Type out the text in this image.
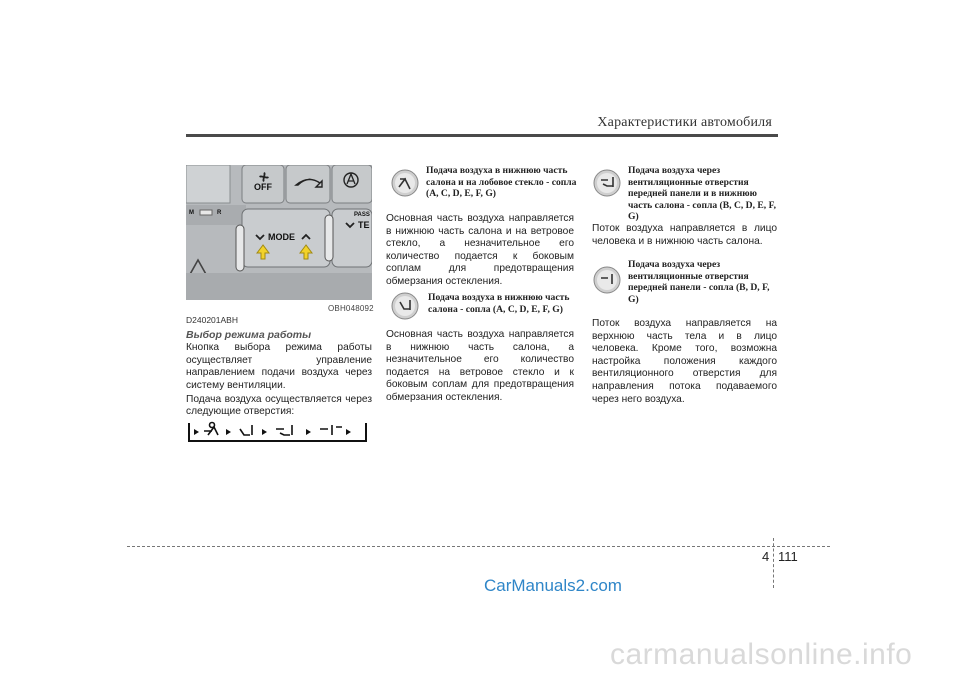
Характеристики автомобиля
OFF
MODE
PASS
TE
M	R
OBH048092
D240201ABH
Выбор режима работы
Кнопка выбора режима работы осуществляет управление направлением подачи воздуха через систему вентиляции.
Подача воздуха осуществляется через следующие отверстия:
Подача воздуха в нижнюю часть салона и на лобовое стекло - сопла (A, C, D, E, F, G)
Основная часть воздуха направляется в нижнюю часть салона и на ветровое стекло, а незначительное его количество подается к боковым соплам для предотвращения обмерзания остекления.
Подача воздуха в нижнюю часть салона - сопла (A, C, D, E, F, G)
Основная часть воздуха направляется в нижнюю часть салона, а незначительное его количество подается на ветровое стекло и к боковым соплам для предотвращения обмерзания остекления.
Подача воздуха через вентиляционные отверстия передней панели и в нижнюю часть салона - сопла (B, C, D, E, F, G)
Поток воздуха направляется в лицо человека и в нижнюю часть салона.
Подача воздуха через вентиляционные отверстия передней панели - сопла (B, D, F, G)
Поток воздуха направляется на верхнюю часть тела и в лицо человека. Кроме того, возможна настройка положения каждого вентиляционного отверстия для направления потока подаваемого через него воздуха.
4 111
CarManuals2.com
carmanualsonline.info
